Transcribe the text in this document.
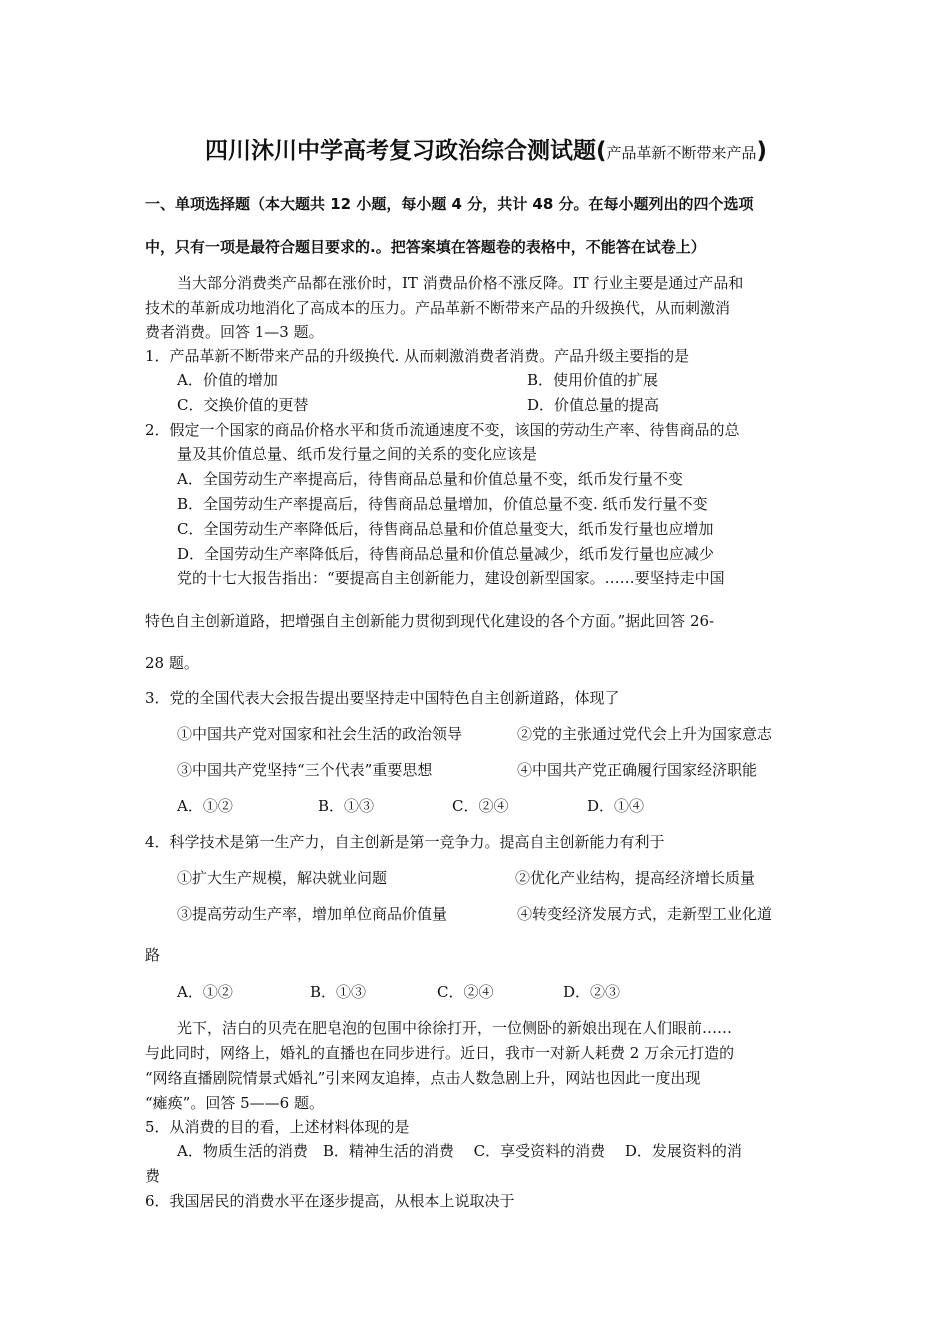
四川沐川中学高考复习政治综合测试题(产品革新不断带来产品)
一、单项选择题（本大题共 12 小题，每小题 4 分，共计 48 分。在每小题列出的四个选项
中，只有一项是最符合题目要求的.。把答案填在答题卷的表格中，不能答在试卷上）
当大部分消费类产品都在涨价时，IT 消费品价格不涨反降。IT 行业主要是通过产品和
技术的革新成功地消化了高成本的压力。产品革新不断带来产品的升级换代，从而刺激消
费者消费。回答 1—3 题。
1．产品革新不断带来产品的升级换代. 从而刺激消费者消费。产品升级主要指的是
A．价值的增加	B．使用价值的扩展
C．交换价值的更替	D．价值总量的提高
2．假定一个国家的商品价格水平和货币流通速度不变，该国的劳动生产率、待售商品的总
量及其价值总量、纸币发行量之间的关系的变化应该是
A．全国劳动生产率提高后，待售商品总量和价值总量不变，纸币发行量不变
B．全国劳动生产率提高后，待售商品总量增加，价值总量不变. 纸币发行量不变
C．全国劳动生产率降低后，待售商品总量和价值总量变大，纸币发行量也应增加
D．全国劳动生产率降低后，待售商品总量和价值总量减少，纸币发行量也应减少
党的十七大报告指出：“要提高自主创新能力，建设创新型国家。……要坚持走中国
特色自主创新道路，把增强自主创新能力贯彻到现代化建设的各个方面。”据此回答 26-
28 题。
3．党的全国代表大会报告提出要坚持走中国特色自主创新道路，体现了
①中国共产党对国家和社会生活的政治领导	②党的主张通过党代会上升为国家意志
③中国共产党坚持“三个代表”重要思想	④中国共产党正确履行国家经济职能
A．①②	B．①③	C．②④	D．①④
4．科学技术是第一生产力，自主创新是第一竞争力。提高自主创新能力有利于
①扩大生产规模，解决就业问题	②优化产业结构，提高经济增长质量
③提高劳动生产率，增加单位商品价值量	④转变经济发展方式，走新型工业化道
路
A．①②	B．①③	C．②④	D．②③
光下，洁白的贝壳在肥皂泡的包围中徐徐打开，一位侧卧的新娘出现在人们眼前……
与此同时，网络上，婚礼的直播也在同步进行。近日，我市一对新人耗费 2 万余元打造的
“网络直播剧院情景式婚礼”引来网友追捧，点击人数急剧上升，网站也因此一度出现
“瘫痪”。回答 5——6 题。
5．从消费的目的看，上述材料体现的是
A．物质生活的消费　B．精神生活的消费　 C．享受资料的消费　 D．发展资料的消
费
6．我国居民的消费水平在逐步提高，从根本上说取决于
